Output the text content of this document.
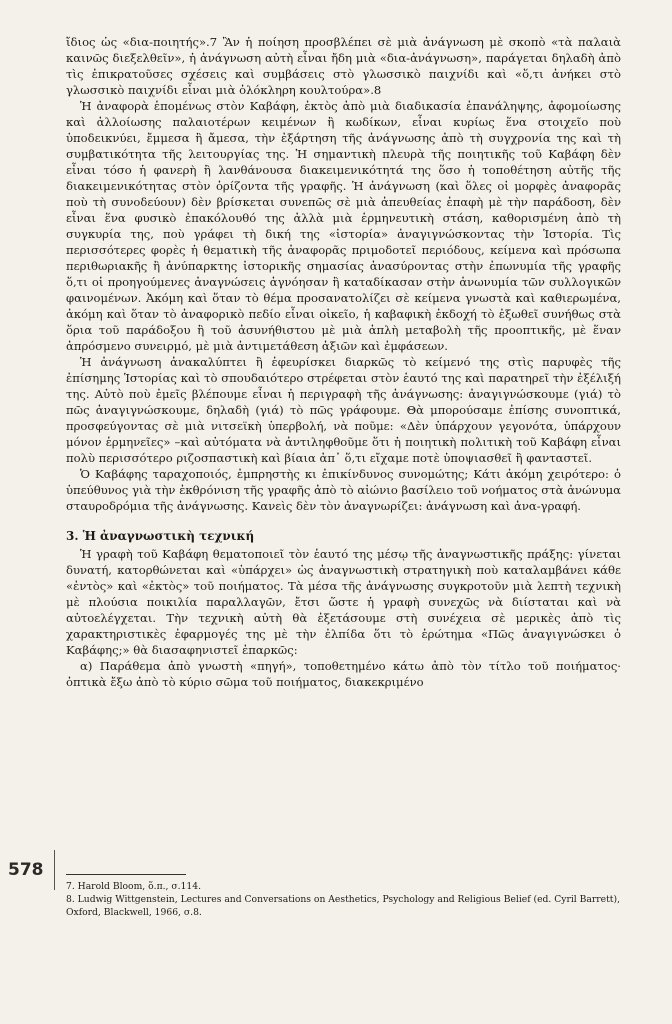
ἴδιος ὡς «δια-ποιητής».7 Ἂν ἡ ποίηση προσβλέπει σὲ μιὰ ἀνάγνωση μὲ σκοπὸ «τὰ παλαιὰ καινῶς διεξελθεῖν», ἡ ἀνάγνωση αὐτὴ εἶναι ἤδη μιὰ «δια-ἀνάγνωση», παράγεται δηλαδὴ ἀπὸ τὶς ἐπικρατοῦσες σχέσεις καὶ συμβάσεις στὸ γλωσσικὸ παιχνίδι καὶ «ὅ,τι ἀνήκει στὸ γλωσσικὸ παιχνίδι εἶναι μιὰ ὁλόκληρη κουλτούρα».8

Ἡ ἀναφορὰ ἑπομένως στὸν Καβάφη, ἐκτὸς ἀπὸ μιὰ διαδικασία ἐπανάληψης, ἀφομοίωσης καὶ ἀλλοίωσης παλαιοτέρων κειμένων ἢ κωδίκων, εἶναι κυρίως ἕνα στοιχεῖο ποὺ ὑποδεικνύει, ἔμμεσα ἢ ἄμεσα, τὴν ἐξάρτηση τῆς ἀνάγνωσης ἀπὸ τὴ συγχρονία της καὶ τὴ συμβατικότητα τῆς λειτουργίας της. Ἡ σημαντικὴ πλευρὰ τῆς ποιητικῆς τοῦ Καβάφη δὲν εἶναι τόσο ἡ φανερὴ ἢ λανθάνουσα διακειμενικότητά της ὅσο ἡ τοποθέτηση αὐτῆς τῆς διακειμενικότητας στὸν ὁρίζοντα τῆς γραφῆς. Ἡ ἀνάγνωση (καὶ ὅλες οἱ μορφὲς ἀναφορᾶς ποὺ τὴ συνοδεύουν) δὲν βρίσκεται συνεπῶς σὲ μιὰ ἀπευθείας ἐπαφὴ μὲ τὴν παράδοση, δὲν εἶναι ἕνα φυσικὸ ἐπακόλουθό της ἀλλὰ μιὰ ἑρμηνευτικὴ στάση, καθορισμένη ἀπὸ τὴ συγκυρία της, ποὺ γράφει τὴ δική της «ἱστορία» ἀναγιγνώσκοντας τὴν Ἱστορία. Τὶς περισσότερες φορὲς ἡ θεματικὴ τῆς ἀναφορᾶς πριμοδοτεῖ περιόδους, κείμενα καὶ πρόσωπα περιθωριακῆς ἢ ἀνύπαρκτης ἱστορικῆς σημασίας ἀνασύροντας στὴν ἐπωνυμία τῆς γραφῆς ὅ,τι οἱ προηγούμενες ἀναγνώσεις ἀγνόησαν ἢ καταδίκασαν στὴν ἀνωνυμία τῶν συλλογικῶν φαινομένων. Ἀκόμη καὶ ὅταν τὸ θέμα προσανατολίζει σὲ κείμενα γνωστὰ καὶ καθιερωμένα, ἀκόμη καὶ ὅταν τὸ ἀναφορικὸ πεδίο εἶναι οἰκεῖο, ἡ καβαφικὴ ἐκδοχή τὸ ἐξωθεῖ συνήθως στὰ ὅρια τοῦ παράδοξου ἢ τοῦ ἀσυνήθιστου μὲ μιὰ ἁπλὴ μεταβολὴ τῆς προοπτικῆς, μὲ ἕναν ἀπρόσμενο συνειρμό, μὲ μιὰ ἀντιμετάθεση ἀξιῶν καὶ ἐμφάσεων.

Ἡ ἀνάγνωση ἀνακαλύπτει ἢ ἐφευρίσκει διαρκῶς τὸ κείμενό της στὶς παρυφὲς τῆς ἐπίσημης Ἱστορίας καὶ τὸ σπουδαιότερο στρέφεται στὸν ἑαυτό της καὶ παρατηρεῖ τὴν ἐξέλιξή της. Αὐτὸ ποὺ ἐμεῖς βλέπουμε εἶναι ἡ περιγραφὴ τῆς ἀνάγνωσης: ἀναγιγνώσκουμε (γιά) τὸ πῶς ἀναγιγνώσκουμε, δηλαδὴ (γιά) τὸ πῶς γράφουμε. Θὰ μπορούσαμε ἐπίσης συνοπτικά, προσφεύγοντας σὲ μιὰ νιτσεϊκὴ ὑπερβολή, νὰ ποῦμε: «Δὲν ὑπάρχουν γεγονότα, ὑπάρχουν μόνον ἑρμηνεῖες» –καὶ αὐτόματα νὰ ἀντιληφθοῦμε ὅτι ἡ ποιητικὴ πολιτικὴ τοῦ Καβάφη εἶναι πολὺ περισσότερο ριζοσπαστικὴ καὶ βίαια ἀπ᾽ ὅ,τι εἴχαμε ποτὲ ὑποψιασθεῖ ἢ φανταστεῖ.

Ὁ Καβάφης ταραχοποιός, ἐμπρηστὴς κι ἐπικίνδυνος συνομώτης; Κάτι ἀκόμη χειρότερο: ὁ ὑπεύθυνος γιὰ τὴν ἐκθρόνιση τῆς γραφῆς ἀπὸ τὸ αἰώνιο βασίλειο τοῦ νοήματος στὰ ἀνώνυμα σταυροδρόμια τῆς ἀνάγνωσης. Κανεὶς δὲν τὸν ἀναγνωρίζει: ἀνάγνωση καὶ ἀνα-γραφή.

3. Ἡ ἀναγνωστικὴ τεχνική

Ἡ γραφὴ τοῦ Καβάφη θεματοποιεῖ τὸν ἑαυτό της μέσῳ τῆς ἀναγνωστικῆς πράξης: γίνεται δυνατή, κατορθώνεται καὶ «ὑπάρχει» ὡς ἀναγνωστικὴ στρατηγικὴ ποὺ καταλαμβάνει κάθε «ἐντὸς» καὶ «ἐκτὸς» τοῦ ποιήματος. Τὰ μέσα τῆς ἀνάγνωσης συγκροτοῦν μιὰ λεπτὴ τεχνικὴ μὲ πλούσια ποικιλία παραλλαγῶν, ἔτσι ὥστε ἡ γραφὴ συνεχῶς νὰ διίσταται καὶ νὰ αὐτοελέγχεται. Τὴν τεχνικὴ αὐτὴ θὰ ἐξετάσουμε στὴ συνέχεια σὲ μερικὲς ἀπὸ τὶς χαρακτηριστικὲς ἐφαρμογές της μὲ τὴν ἐλπίδα ὅτι τὸ ἐρώτημα «Πῶς ἀναγιγνώσκει ὁ Καβάφης;» θὰ διασαφηνιστεῖ ἐπαρκῶς:

α) Παράθεμα ἀπὸ γνωστὴ «πηγή», τοποθετημένο κάτω ἀπὸ τὸν τίτλο τοῦ ποιήματος· ὀπτικὰ ἔξω ἀπὸ τὸ κύριο σῶμα τοῦ ποιήματος, διακεκριμένο

578
7. Harold Bloom, ὅ.π., σ.114.
8. Ludwig Wittgenstein, Lectures and Conversations on Aesthetics, Psychology and Religious Belief (ed. Cyril Barrett), Oxford, Blackwell, 1966, σ.8.
